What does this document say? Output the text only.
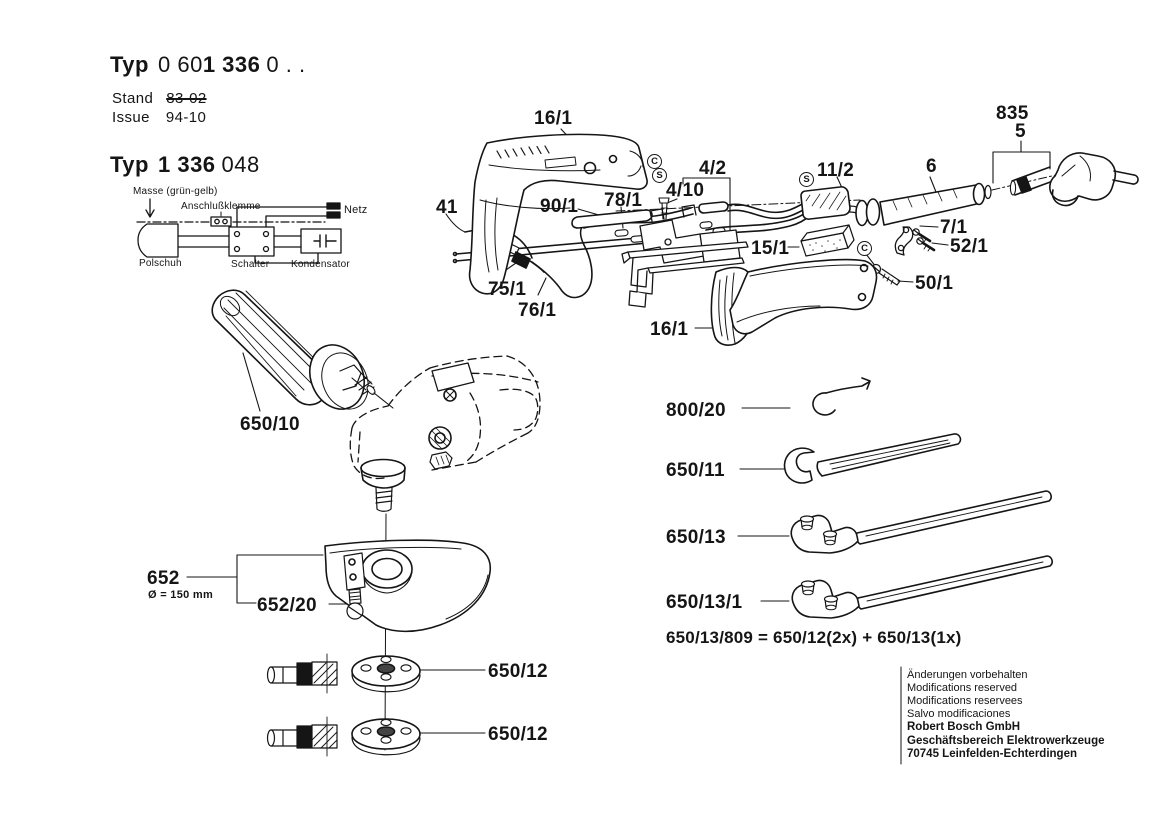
Typ 0 601 336 0 . .
Stand 83-02
Issue 94-10
Typ 1 336 048
Masse (grün-gelb)
Anschlußklemme	Netz
Polschuh	Schalter Kondensator
16/1
41	90/1 78/1 4/10
4/2	11/2	6
835
5
7/1
52/1
15/1
50/1
16/1
75/1
76/1
650/10
652
Ø = 150 mm 652/20
650/12
650/12
800/20
650/11
650/13
650/13/1
650/13/809 = 650/12(2x) + 650/13(1x)
C
S	S
C
Änderungen vorbehalten
Modifications reserved
Modifications reservees
Salvo modificaciones
Robert Bosch GmbH
Geschäftsbereich Elektrowerkzeuge
70745 Leinfelden-Echterdingen
